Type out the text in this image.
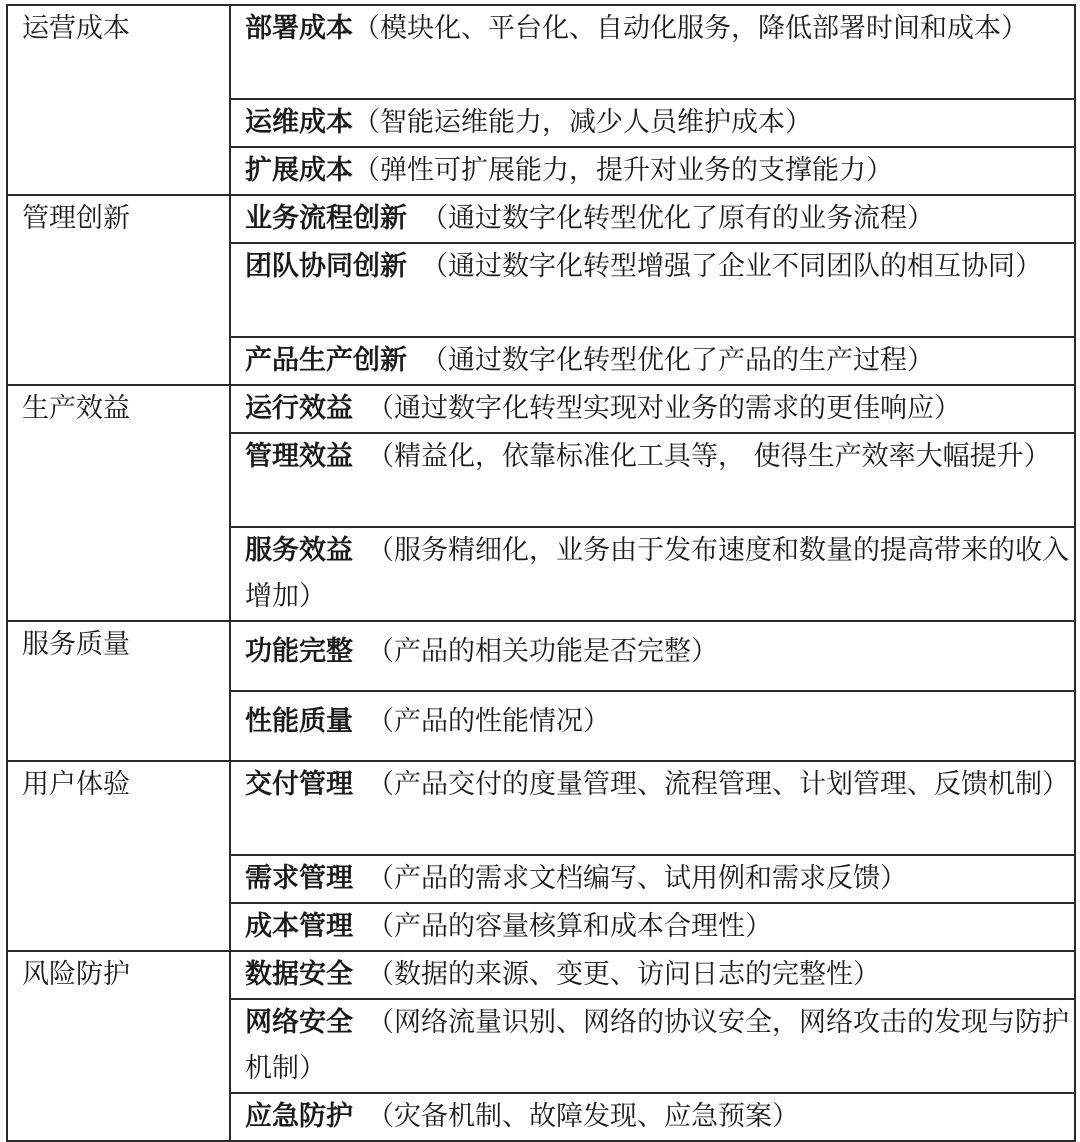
运营成本	部署成本（模块化、平台化、自动化服务，降低部署时间和成本）
	运维成本（智能运维能力，减少人员维护成本）
	扩展成本（弹性可扩展能力，提升对业务的支撑能力）
管理创新	业务流程创新 （通过数字化转型优化了原有的业务流程）
	团队协同创新 （通过数字化转型增强了企业不同团队的相互协同）
	产品生产创新 （通过数字化转型优化了产品的生产过程）
生产效益	运行效益 （通过数字化转型实现对业务的需求的更佳响应）
	管理效益 （精益化，依靠标准化工具等， 使得生产效率大幅提升）
	服务效益 （服务精细化，业务由于发布速度和数量的提高带来的收入增加）
服务质量	功能完整 （产品的相关功能是否完整）
	性能质量 （产品的性能情况）
用户体验	交付管理 （产品交付的度量管理、流程管理、计划管理、反馈机制）
	需求管理 （产品的需求文档编写、试用例和需求反馈）
	成本管理 （产品的容量核算和成本合理性）
风险防护	数据安全 （数据的来源、变更、访问日志的完整性）
	网络安全 （网络流量识别、网络的协议安全，网络攻击的发现与防护机制）
	应急防护 （灾备机制、故障发现、应急预案）
